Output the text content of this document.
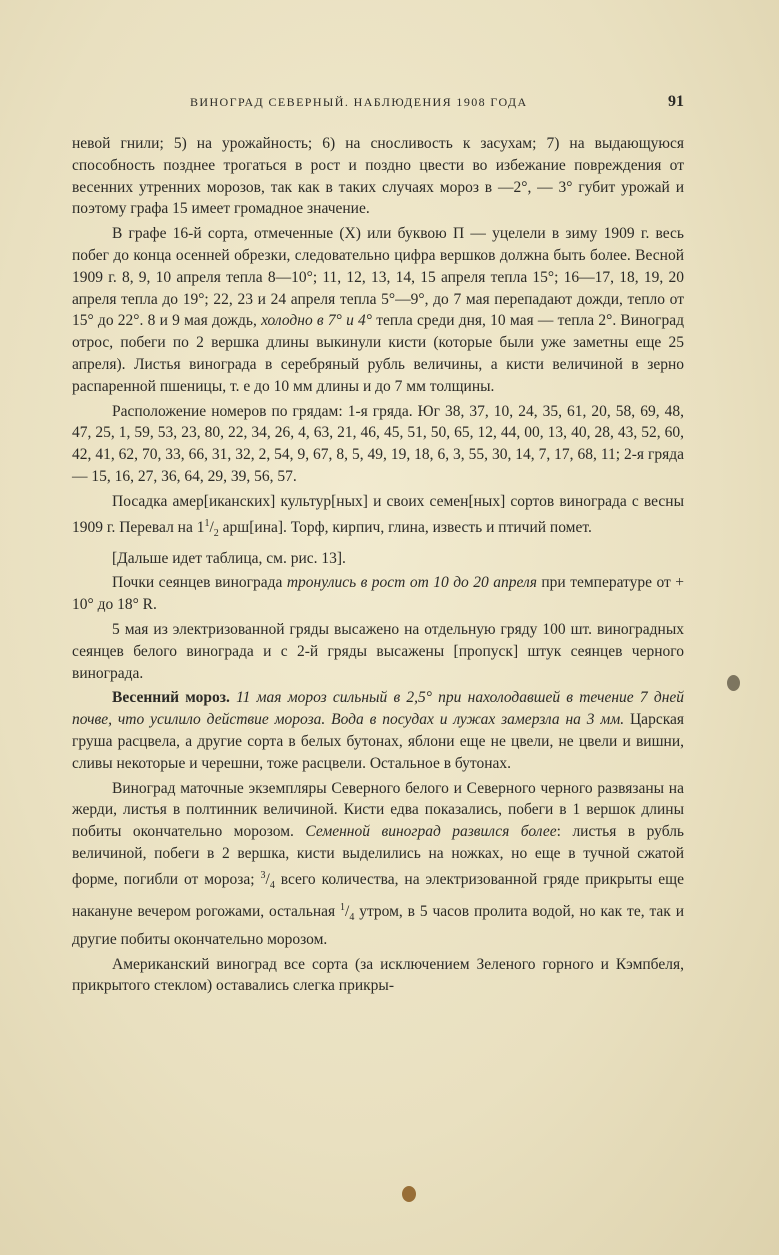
ВИНОГРАД СЕВЕРНЫЙ. НАБЛЮДЕНИЯ 1908 ГОДА	91

невой гнили; 5) на урожайность; 6) на сносливость к засухам; 7) на выдающуюся способность позднее трогаться в рост и поздно цвести во избежание повреждения от весенних утренних морозов, так как в таких случаях мороз в —2°, — 3° губит урожай и поэтому графа 15 имеет громадное значение.

В графе 16-й сорта, отмеченные (X) или буквою П — уцелели в зиму 1909 г. весь побег до конца осенней обрезки, следовательно цифра вершков должна быть более. Весной 1909 г. 8, 9, 10 апреля тепла 8—10°; 11, 12, 13, 14, 15 апреля тепла 15°; 16—17, 18, 19, 20 апреля тепла до 19°; 22, 23 и 24 апреля тепла 5°—9°, до 7 мая перепадают дожди, тепло от 15° до 22°. 8 и 9 мая дождь, холодно в 7° и 4° тепла среди дня, 10 мая — тепла 2°. Виноград отрос, побеги по 2 вершка длины выкинули кисти (которые были уже заметны еще 25 апреля). Листья винограда в серебряный рубль величины, а кисти величиной в зерно распаренной пшеницы, т. е до 10 мм длины и до 7 мм толщины.

Расположение номеров по грядам: 1-я гряда. Юг 38, 37, 10, 24, 35, 61, 20, 58, 69, 48, 47, 25, 1, 59, 53, 23, 80, 22, 34, 26, 4, 63, 21, 46, 45, 51, 50, 65, 12, 44, 00, 13, 40, 28, 43, 52, 60, 42, 41, 62, 70, 33, 66, 31, 32, 2, 54, 9, 67, 8, 5, 49, 19, 18, 6, 3, 55, 30, 14, 7, 17, 68, 11; 2-я гряда — 15, 16, 27, 36, 64, 29, 39, 56, 57.

Посадка амер[иканских] культур[ных] и своих семен[ных] сортов винограда с весны 1909 г. Перевал на $1^1/_2$ арш[ина]. Торф, кирпич, глина, известь и птичий помет.

[Дальше идет таблица, см. рис. 13].

Почки сеянцев винограда тронулись в рост от 10 до 20 апреля при температуре от + 10° до 18° R.

5 мая из электризованной гряды высажено на отдельную гряду 100 шт. виноградных сеянцев белого винограда и с 2-й гряды высажены [пропуск] штук сеянцев черного винограда.

Весенний мороз. 11 мая мороз сильный в 2,5° при нахолодавшей в течение 7 дней почве, что усилило действие мороза. Вода в посудах и лужах замерзла на 3 мм. Царская груша расцвела, а другие сорта в белых бутонах, яблони еще не цвели, не цвели и вишни, сливы некоторые и черешни, тоже расцвели. Остальное в бутонах.

Виноград маточные экземпляры Северного белого и Северного черного развязаны на жерди, листья в полтинник величиной. Кисти едва показались, побеги в 1 вершок длины побиты окончательно морозом. Семенной виноград развился более: листья в рубль величиной, побеги в 2 вершка, кисти выделились на ножках, но еще в тучной сжатой форме, погибли от мороза; $^3/_4$ всего количества, на электризованной гряде прикрыты еще накануне вечером рогожами, остальная $^1/_4$ утром, в 5 часов пролита водой, но как те, так и другие побиты окончательно морозом.

Американский виноград все сорта (за исключением Зеленого горного и Кэмпбеля, прикрытого стеклом) оставались слегка прикры-
